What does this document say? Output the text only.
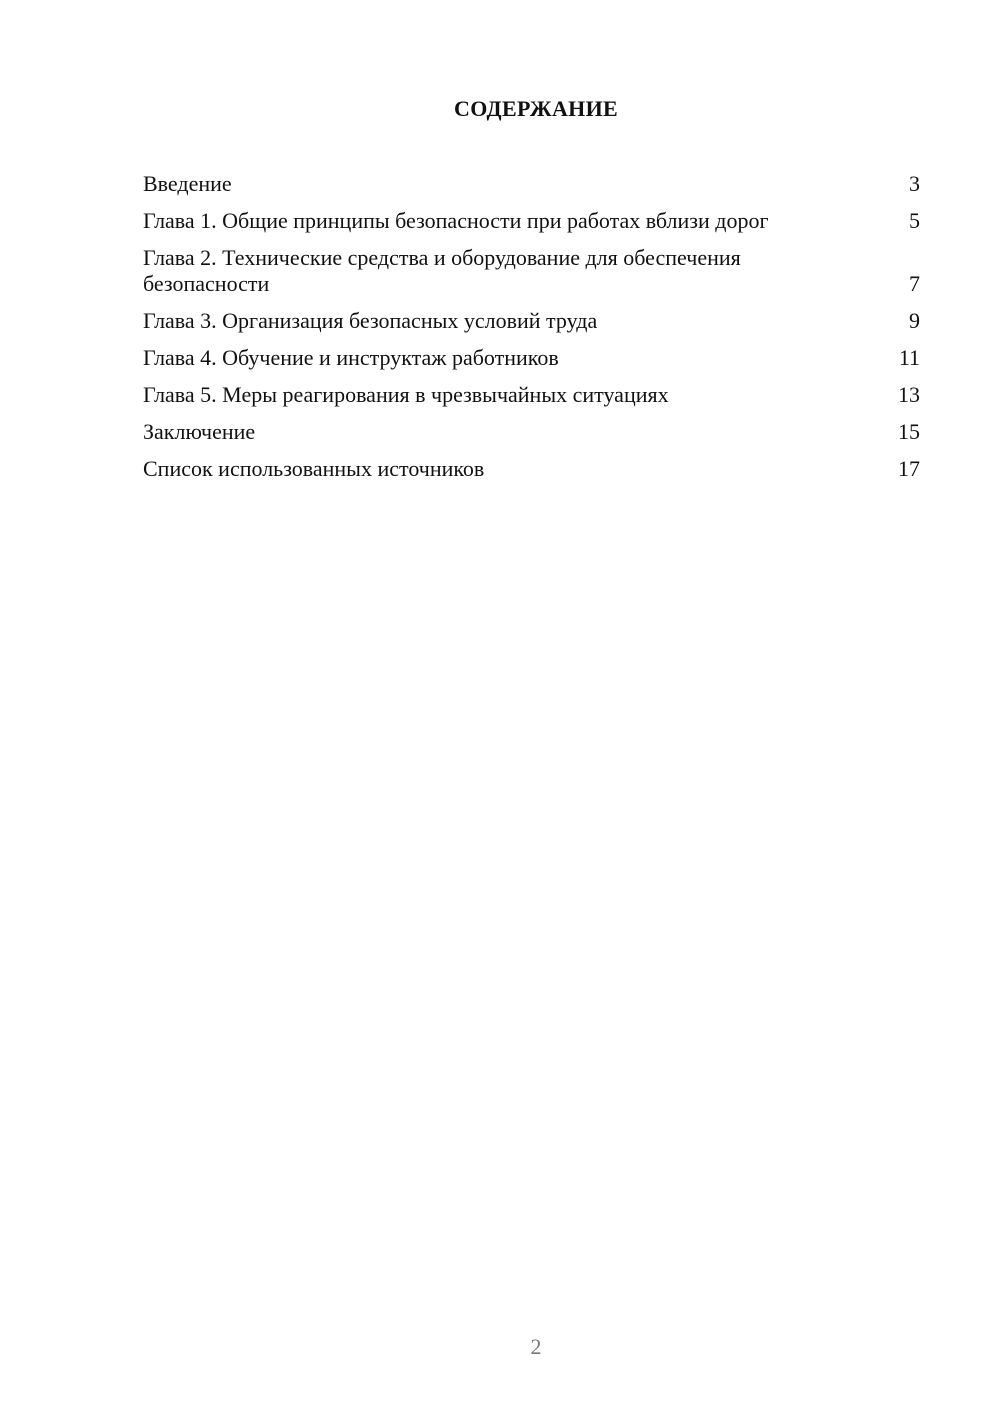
СОДЕРЖАНИЕ
Введение	3
Глава 1. Общие принципы безопасности при работах вблизи дорог	5
Глава 2. Технические средства и оборудование для обеспечения безопасности	7
Глава 3. Организация безопасных условий труда	9
Глава 4. Обучение и инструктаж работников	11
Глава 5. Меры реагирования в чрезвычайных ситуациях	13
Заключение	15
Список использованных источников	17
2
